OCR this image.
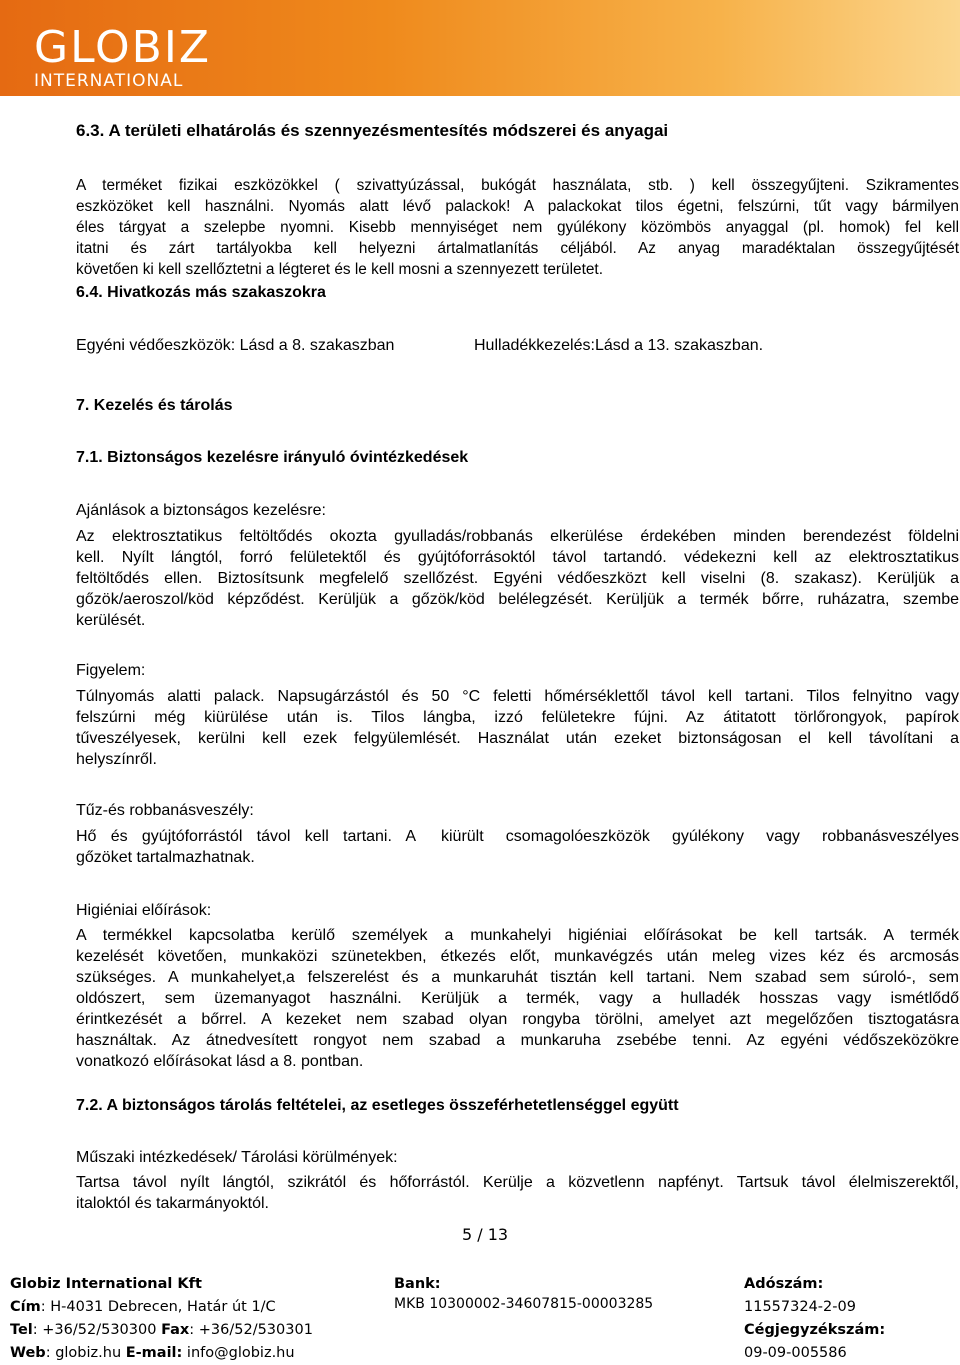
GLOBIZ
INTERNATIONAL
6.3. A területi elhatárolás és szennyezésmentesítés módszerei és anyagai
A terméket fizikai eszközökkel ( szivattyúzással, bukógát használata, stb. ) kell összegyűjteni. Szikramentes
eszközöket kell használni. Nyomás alatt lévő palackok! A palackokat tilos égetni, felszúrni, tűt vagy bármilyen
éles tárgyat a szelepbe nyomni. Kisebb mennyiséget nem gyúlékony közömbös anyaggal (pl. homok) fel kell
itatni és zárt tartályokba kell helyezni ártalmatlanítás céljából. Az anyag maradéktalan összegyűjtését
követően ki kell szellőztetni a légteret és le kell mosni a szennyezett területet.
6.4. Hivatkozás más szakaszokra
Egyéni védőeszközök: Lásd a 8. szakaszban	Hulladékkezelés:Lásd a 13. szakaszban.
7. Kezelés és tárolás
7.1. Biztonságos kezelésre irányuló óvintézkedések
Ajánlások a biztonságos kezelésre:
Az elektrosztatikus feltöltődés okozta gyulladás/robbanás elkerülése érdekében minden berendezést földelni
kell. Nyílt lángtól, forró felületektől és gyújtóforrásoktól távol tartandó. védekezni kell az elektrosztatikus
feltöltődés ellen. Biztosítsunk megfelelő szellőzést. Egyéni védőeszközt kell viselni (8. szakasz). Kerüljük a
gőzök/aeroszol/köd képződést. Kerüljük a gőzök/köd belélegzését. Kerüljük a termék bőrre, ruházatra, szembe
kerülését.
Figyelem:
Túlnyomás alatti palack. Napsugárzástól és 50 °C feletti hőmérséklettől távol kell tartani. Tilos felnyitno vagy
felszúrni még kiürülése után is. Tilos lángba, izzó felületekre fújni. Az átitatott törlőrongyok, papírok
tűveszélyesek, kerülni kell ezek felgyülemlését. Használat után ezeket biztonságosan el kell távolítani a
helyszínről.
Tűz-és robbanásveszély:
Hő és gyújtóforrástól távol kell tartani. A
gőzöket tartalmazhatnak.
kiürült csomagolóeszközök gyúlékony vagy robbanásveszélyes
Higiéniai előírások:
A termékkel kapcsolatba kerülő személyek a munkahelyi higiéniai előírásokat be kell tartsák. A termék
kezelését követően, munkaközi szünetekben, étkezés előt, munkavégzés után meleg vizes kéz és arcmosás
szükséges. A munkahelyet,a felszerelést és a munkaruhát tisztán kell tartani. Nem szabad sem súroló-, sem
oldószert, sem üzemanyagot használni. Kerüljük a termék, vagy a hulladék hosszas vagy ismétlődő
érintkezését a bőrrel. A kezeket nem szabad olyan rongyba törölni, amelyet azt megelőzően tisztogatásra
használtak. Az átnedvesített rongyot nem szabad a munkaruha zsebébe tenni. Az egyéni védőszeközökre
vonatkozó előírásokat lásd a 8. pontban.
7.2. A biztonságos tárolás feltételei, az esetleges összeférhetetlenséggel együtt
Műszaki intézkedések/ Tárolási körülmények:
Tartsa távol nyílt lángtól, szikrától és hőforrástól. Kerülje a közvetlenn napfényt. Tartsuk távol élelmiszerektől,
italoktól és takarmányoktól.
5 / 13
Globiz International Kft
Cím: H-4031 Debrecen, Határ út 1/C
Tel: +36/52/530300 Fax: +36/52/530301
Web: globiz.hu E-mail: info@globiz.hu
Bank:
MKB 10300002-34607815-00003285
Adószám:
11557324-2-09
Cégjegyzékszám:
09-09-005586
